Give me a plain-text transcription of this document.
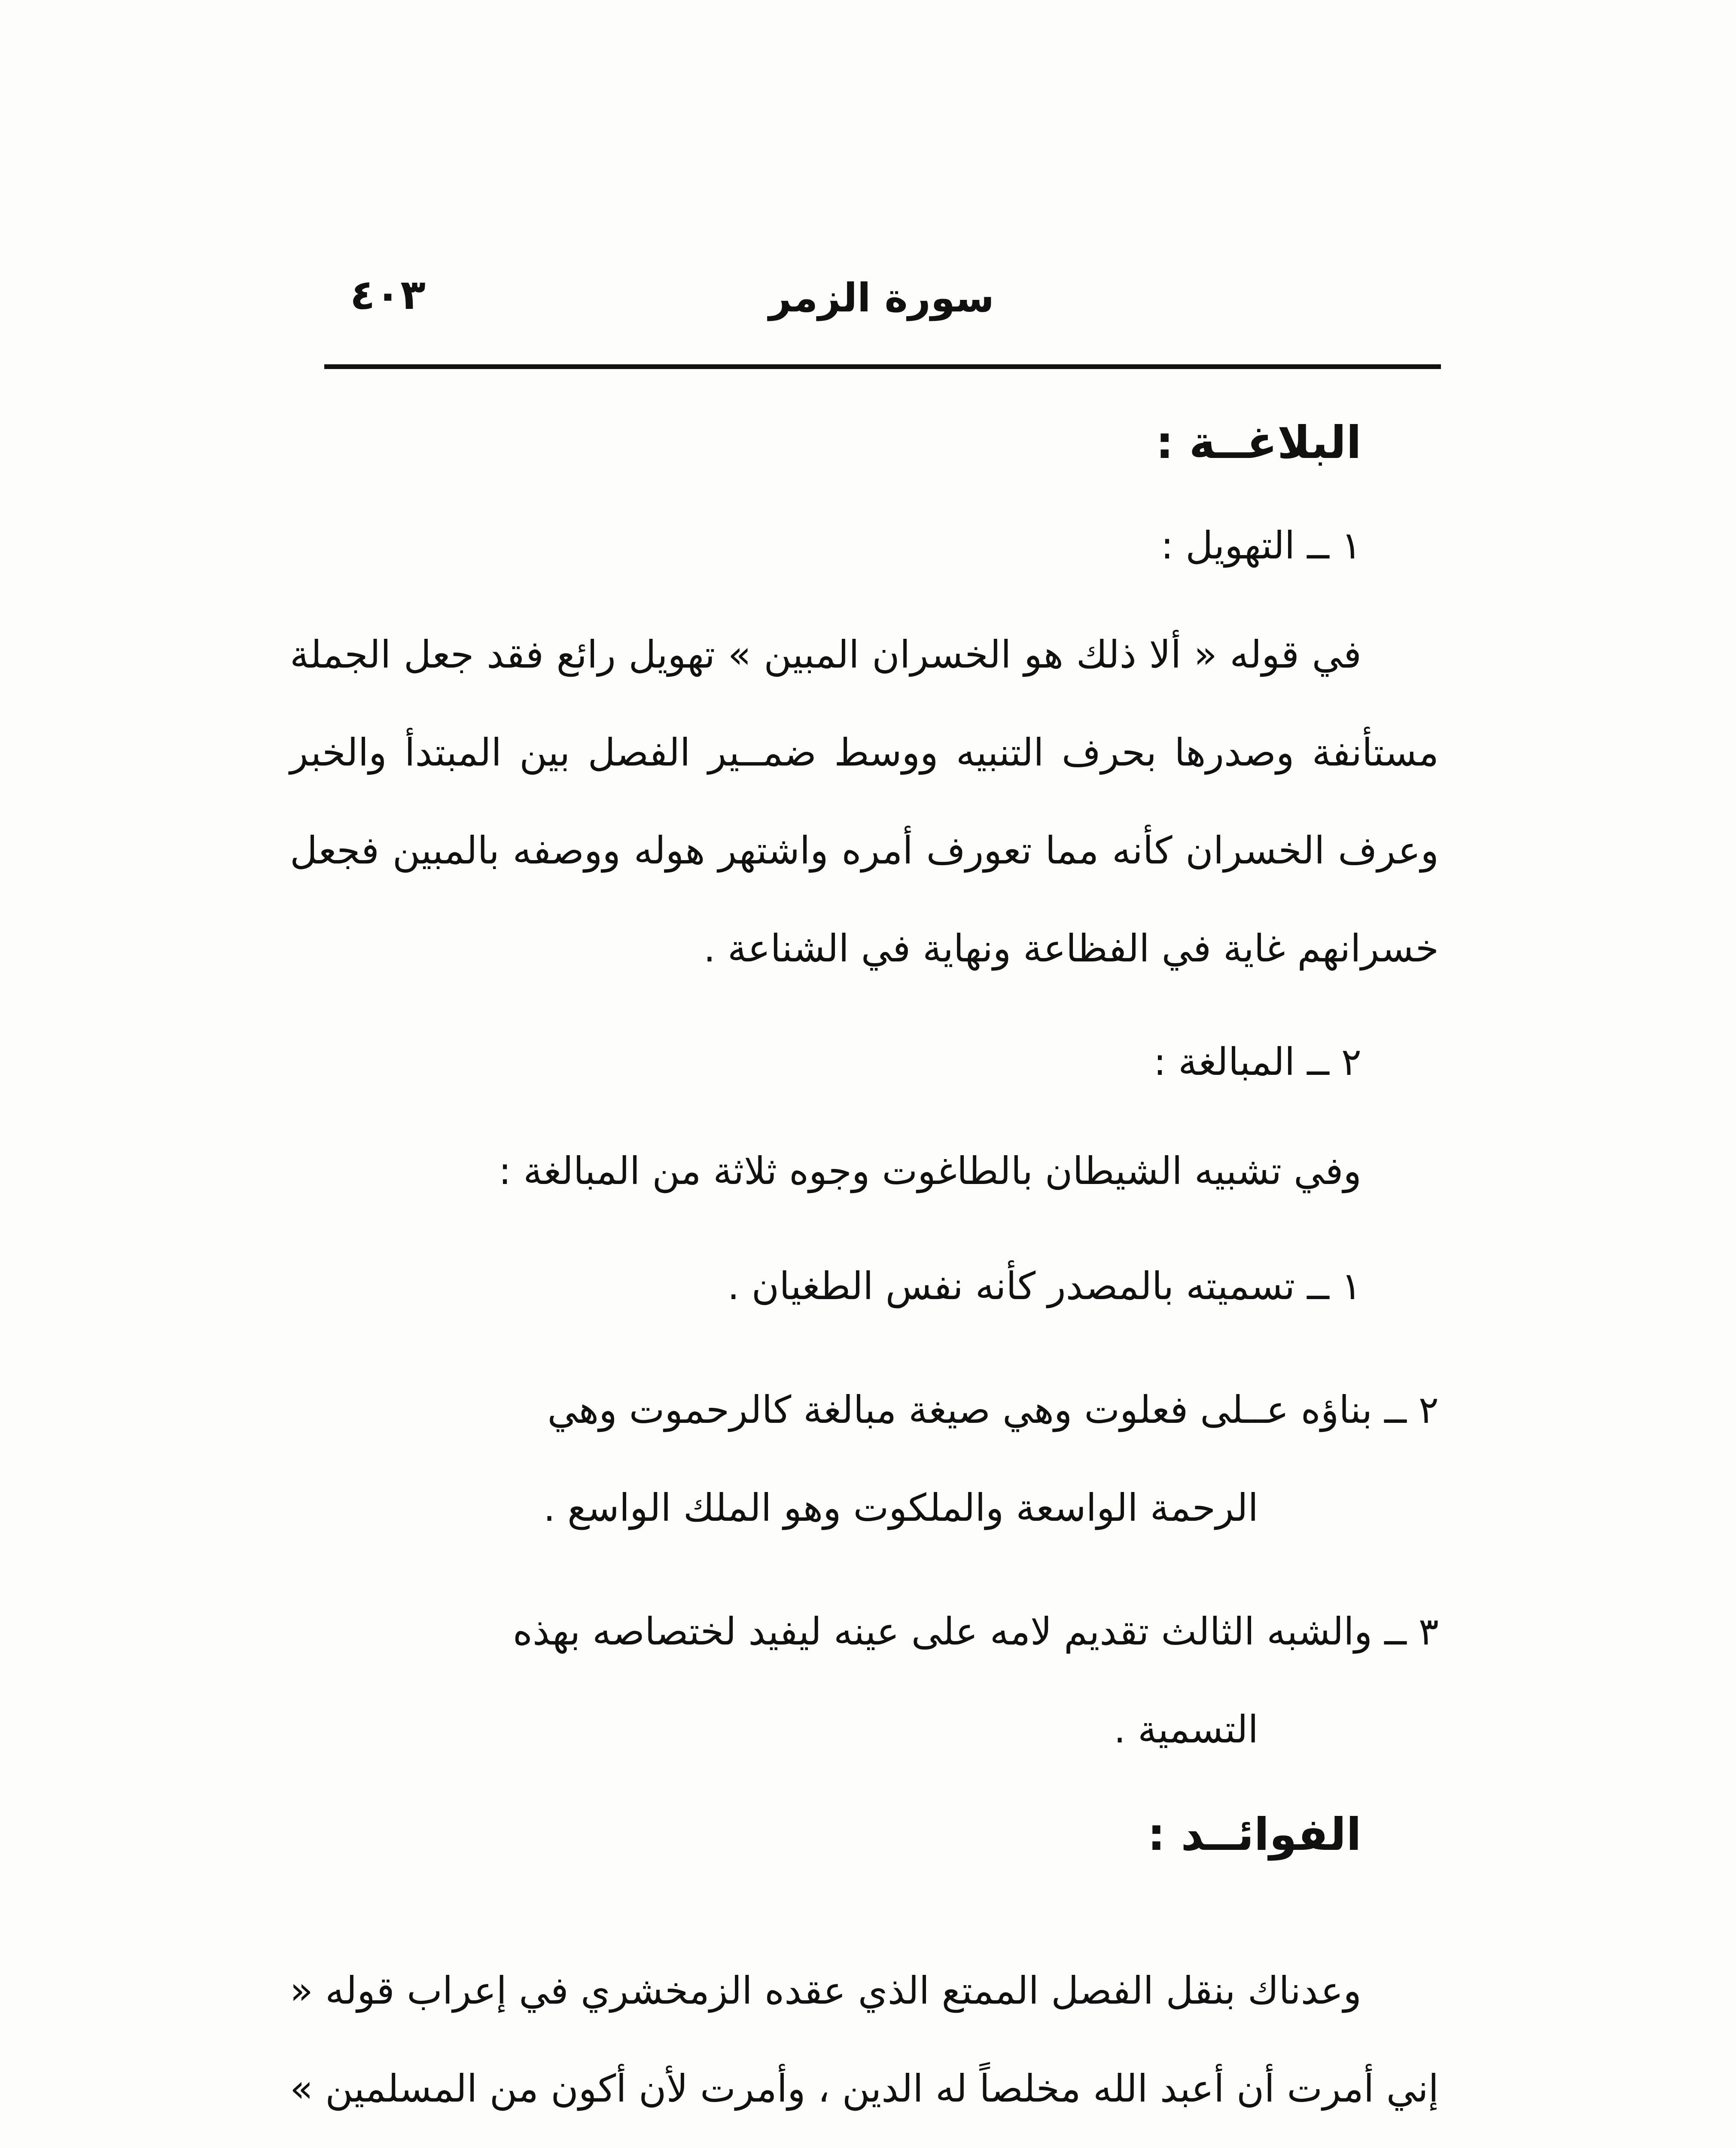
٤٠٣	سورة الزمر
البلاغــة :
١ ــ التهويل :
في قوله « ألا ذلك هو الخسران المبين » تهويل رائع فقد جعل الجملة مستأنفة وصدرها بحرف التنبيه ووسط ضمــير الفصل بين المبتدأ والخبر وعرف الخسران كأنه مما تعورف أمره واشتهر هوله ووصفه بالمبين فجعل خسرانهم غاية في الفظاعة ونهاية في الشناعة .
٢ ــ المبالغة :
وفي تشبيه الشيطان بالطاغوت وجوه ثلاثة من المبالغة :
١ ــ تسميته بالمصدر كأنه نفس الطغيان .
٢ ــ بناؤه عــلى فعلوت وهي صيغة مبالغة كالرحموت وهي
الرحمة الواسعة والملكوت وهو الملك الواسع .
٣ ــ والشبه الثالث تقديم لامه على عينه ليفيد لختصاصه بهذه
التسمية .
الفوائــد :
وعدناك بنقل الفصل الممتع الذي عقده الزمخشري في إعراب قوله « إني أمرت أن أعبد الله مخلصاً له الدين ، وأمرت لأن أكون من المسلمين »
